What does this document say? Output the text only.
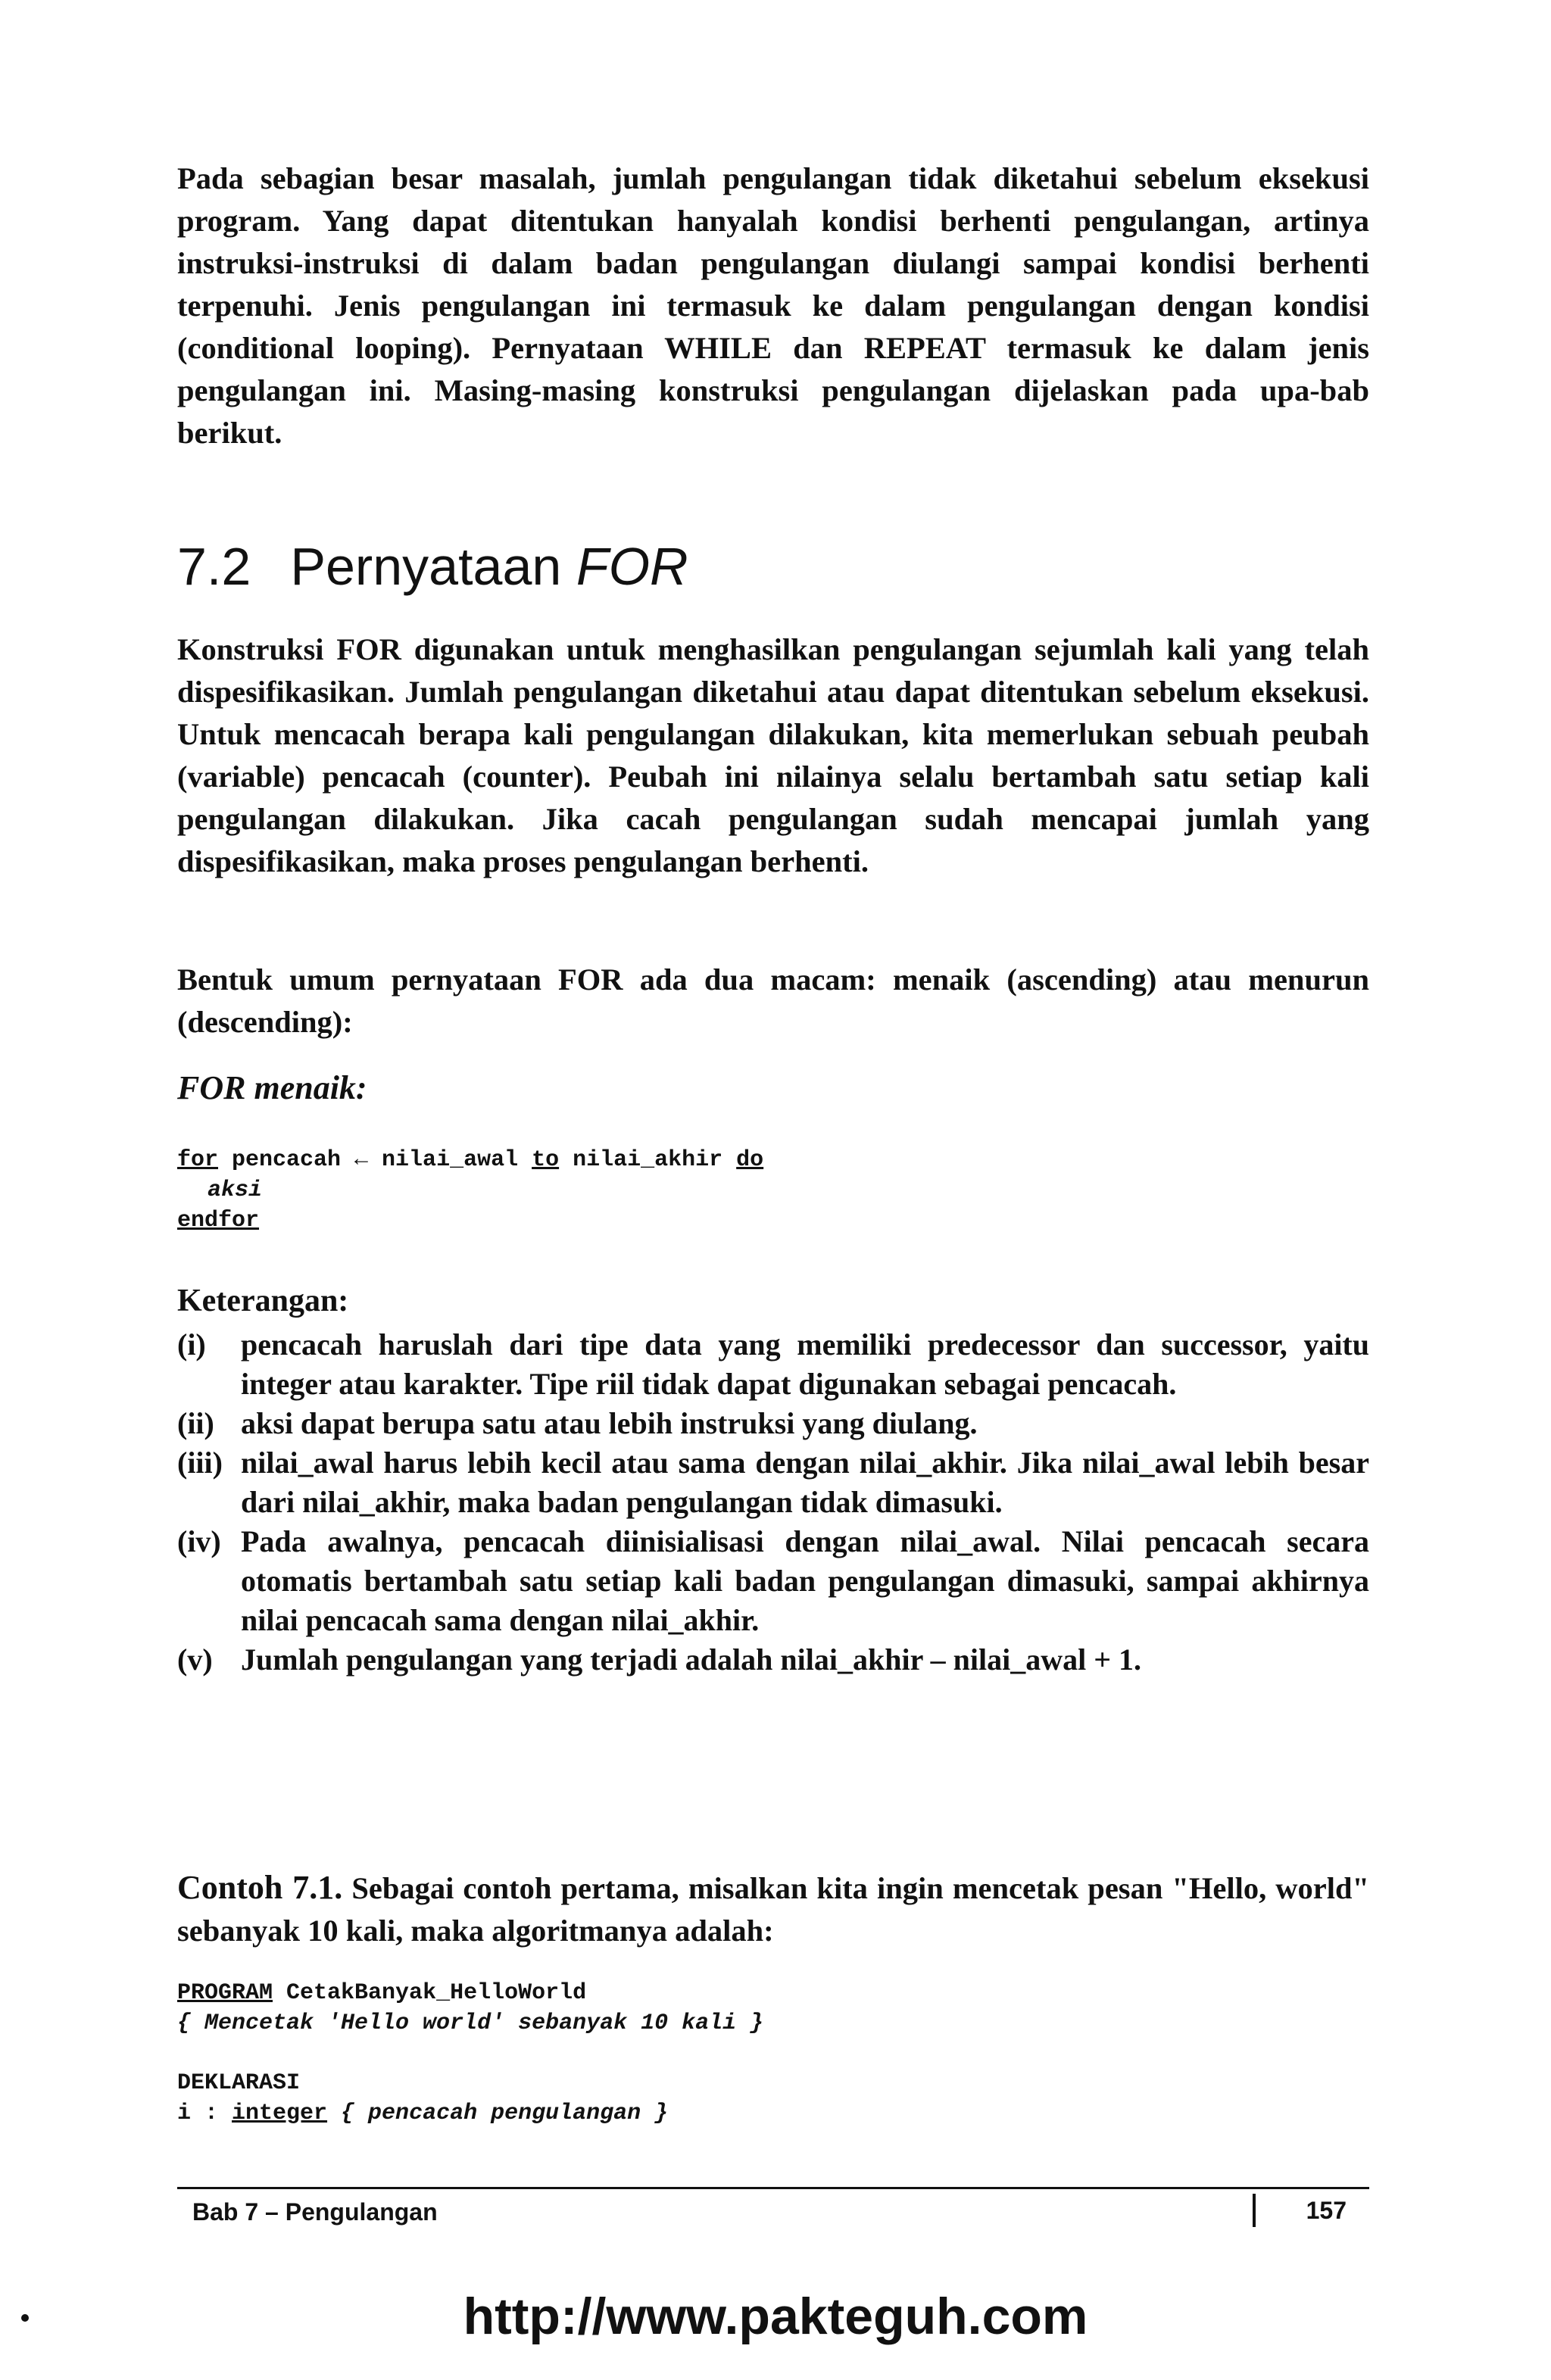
Pada sebagian besar masalah, jumlah pengulangan tidak diketahui sebelum eksekusi program. Yang dapat ditentukan hanyalah kondisi berhenti pengulangan, artinya instruksi-instruksi di dalam badan pengulangan diulangi sampai kondisi berhenti terpenuhi. Jenis pengulangan ini termasuk ke dalam pengulangan dengan kondisi (conditional looping). Pernyataan WHILE dan REPEAT termasuk ke dalam jenis pengulangan ini. Masing-masing konstruksi pengulangan dijelaskan pada upa-bab berikut.

7.2 Pernyataan FOR

Konstruksi FOR digunakan untuk menghasilkan pengulangan sejumlah kali yang telah dispesifikasikan. Jumlah pengulangan diketahui atau dapat ditentukan sebelum eksekusi. Untuk mencacah berapa kali pengulangan dilakukan, kita memerlukan sebuah peubah (variable) pencacah (counter). Peubah ini nilainya selalu bertambah satu setiap kali pengulangan dilakukan. Jika cacah pengulangan sudah mencapai jumlah yang dispesifikasikan, maka proses pengulangan berhenti.

Bentuk umum pernyataan FOR ada dua macam: menaik (ascending) atau menurun (descending):

FOR menaik:
for pencacah ← nilai_awal to nilai_akhir do
aksi
endfor
Keterangan:
(i)	pencacah haruslah dari tipe data yang memiliki predecessor dan successor, yaitu integer atau karakter. Tipe riil tidak dapat digunakan sebagai pencacah.
(ii) aksi dapat berupa satu atau lebih instruksi yang diulang.
(iii) nilai_awal harus lebih kecil atau sama dengan nilai_akhir. Jika nilai_awal lebih besar dari nilai_akhir, maka badan pengulangan tidak dimasuki.
(iv) Pada awalnya, pencacah diinisialisasi dengan nilai_awal. Nilai pencacah secara otomatis bertambah satu setiap kali badan pengulangan dimasuki, sampai akhirnya nilai pencacah sama dengan nilai_akhir.
(v) Jumlah pengulangan yang terjadi adalah nilai_akhir – nilai_awal + 1.

Contoh 7.1. Sebagai contoh pertama, misalkan kita ingin mencetak pesan "Hello, world" sebanyak 10 kali, maka algoritmanya adalah:

PROGRAM CetakBanyak_HelloWorld
{ Mencetak 'Hello world' sebanyak 10 kali }
DEKLARASI
i : integer { pencacah pengulangan }
Bab 7 – Pengulangan	157
http://www.pakteguh.com
